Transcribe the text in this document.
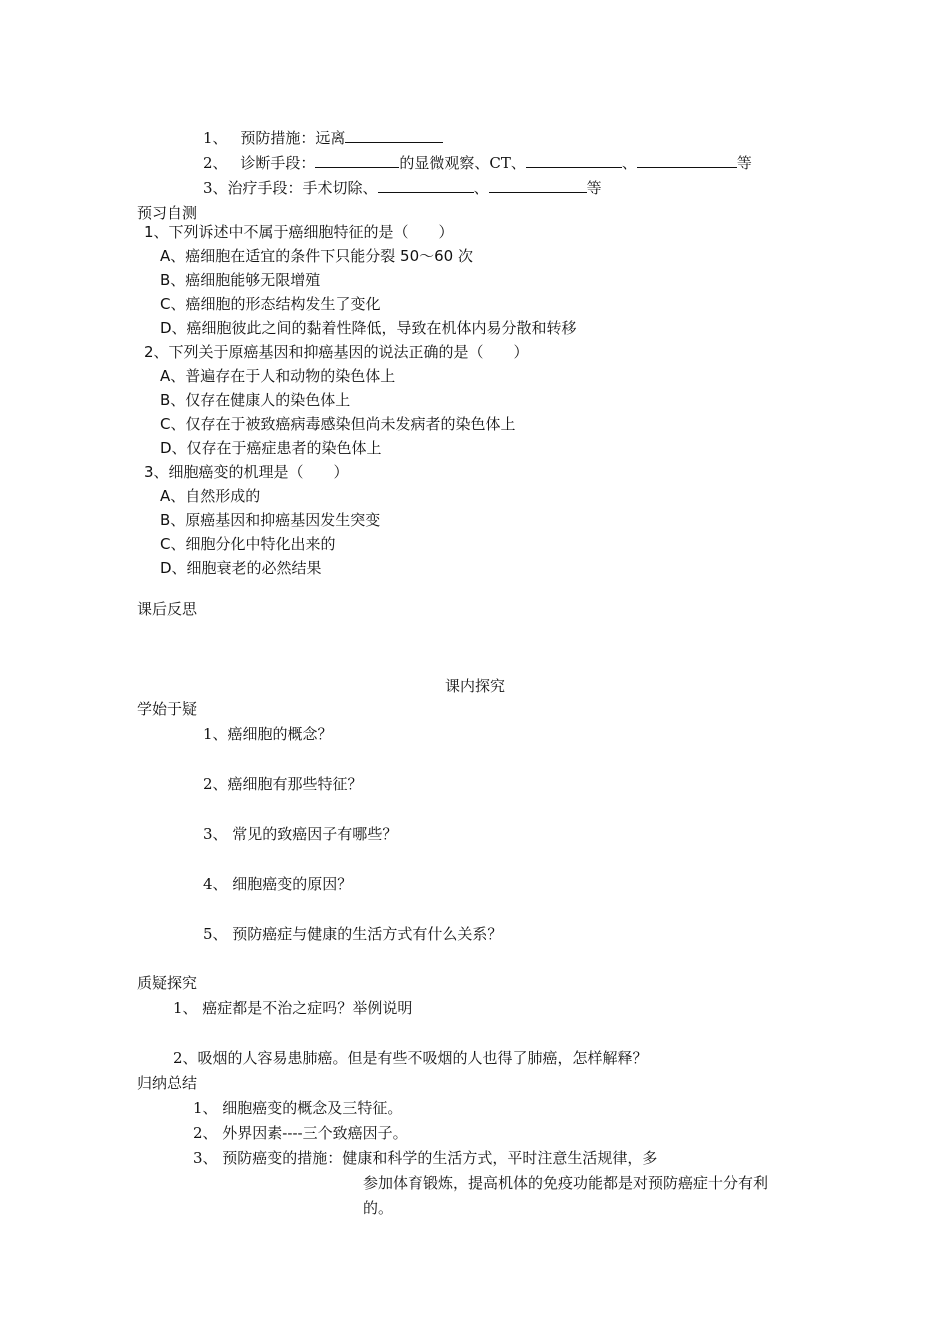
1、 预防措施：远离
2、 诊断手段：	的显微观察、CT、	、	等
3、治疗手段：手术切除、	、	等
预习自测
1、下列诉述中不属于癌细胞特征的是（　　）
A、癌细胞在适宜的条件下只能分裂 50～60 次
B、癌细胞能够无限增殖
C、癌细胞的形态结构发生了变化
D、癌细胞彼此之间的黏着性降低，导致在机体内易分散和转移
2、下列关于原癌基因和抑癌基因的说法正确的是（　　）
A、普遍存在于人和动物的染色体上
B、仅存在健康人的染色体上
C、仅存在于被致癌病毒感染但尚未发病者的染色体上
D、仅存在于癌症患者的染色体上
3、细胞癌变的机理是（　　）
A、自然形成的
B、原癌基因和抑癌基因发生突变
C、细胞分化中特化出来的
D、细胞衰老的必然结果
课后反思
课内探究
学始于疑
1、癌细胞的概念？
2、癌细胞有那些特征？
3、 常见的致癌因子有哪些？
4、 细胞癌变的原因？
5、 预防癌症与健康的生活方式有什么关系？
质疑探究
1、 癌症都是不治之症吗？举例说明
2、吸烟的人容易患肺癌。但是有些不吸烟的人也得了肺癌，怎样解释？
归纳总结
1、 细胞癌变的概念及三特征。
2、 外界因素----三个致癌因子。
3、 预防癌变的措施：健康和科学的生活方式，平时注意生活规律，多
参加体育锻炼，提高机体的免疫功能都是对预防癌症十分有利
的。
